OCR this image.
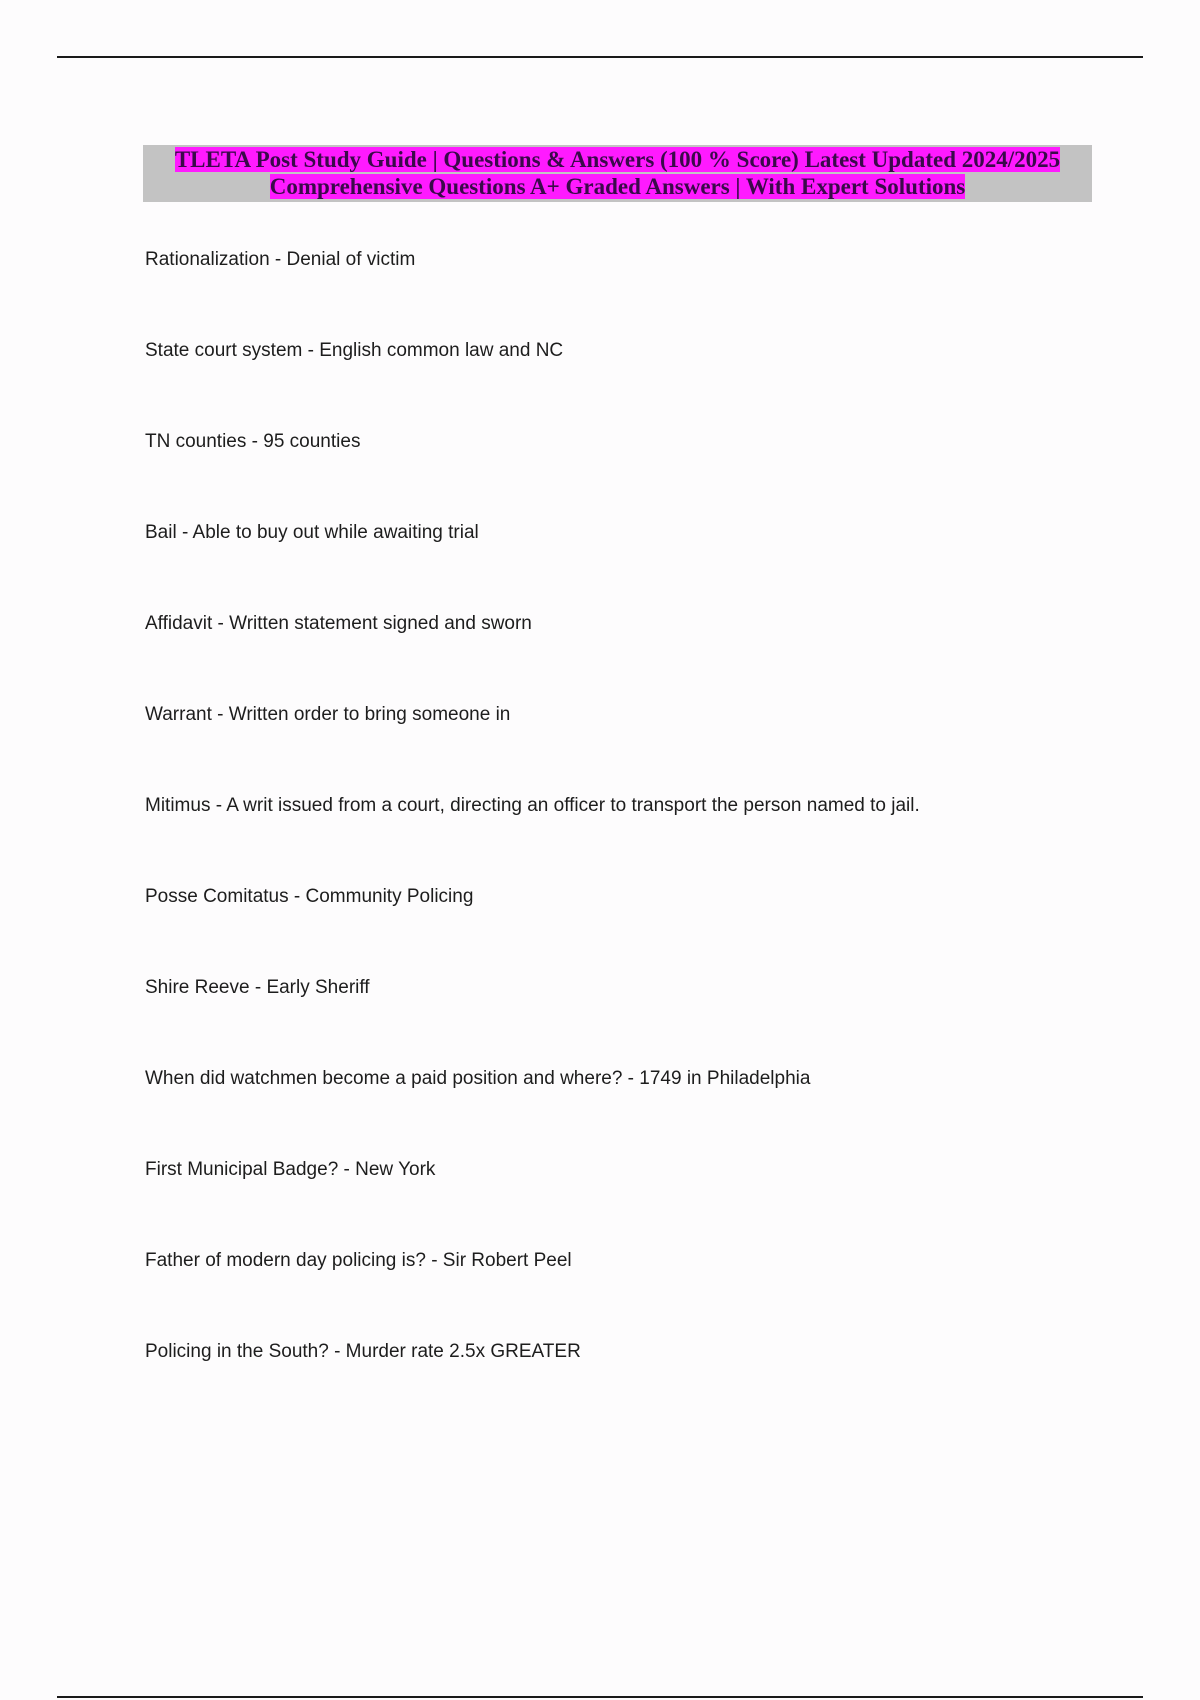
TLETA Post Study Guide | Questions & Answers (100 % Score) Latest Updated 2024/2025
Comprehensive Questions A+ Graded Answers | With Expert Solutions
Rationalization - Denial of victim
State court system - English common law and NC
TN counties - 95 counties
Bail - Able to buy out while awaiting trial
Affidavit - Written statement signed and sworn
Warrant - Written order to bring someone in
Mitimus - A writ issued from a court, directing an officer to transport the person named to jail.
Posse Comitatus - Community Policing
Shire Reeve - Early Sheriff
When did watchmen become a paid position and where? - 1749 in Philadelphia
First Municipal Badge? - New York
Father of modern day policing is? - Sir Robert Peel
Policing in the South? - Murder rate 2.5x GREATER
